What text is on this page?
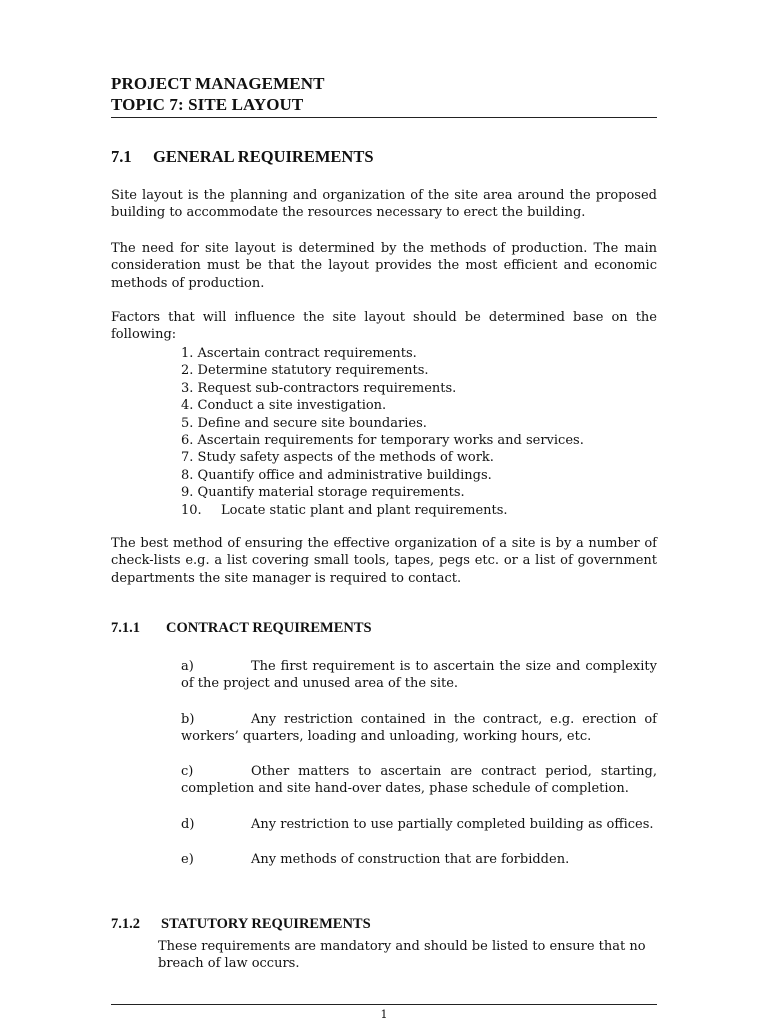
PROJECT MANAGEMENT
TOPIC 7: SITE LAYOUT
7.1 GENERAL REQUIREMENTS

Site layout is the planning and organization of the site area around the proposed building to accommodate the resources necessary to erect the building.

The need for site layout is determined by the methods of production. The main consideration must be that the layout provides the most efficient and economic methods of production.

Factors that will influence the site layout should be determined base on the following:

1. Ascertain contract requirements.
2. Determine statutory requirements.
3. Request sub-contractors requirements.
4. Conduct a site investigation.
5. Define and secure site boundaries.
6. Ascertain requirements for temporary works and services.
7. Study safety aspects of the methods of work.
8. Quantify office and administrative buildings.
9. Quantify material storage requirements.
10. Locate static plant and plant requirements.

The best method of ensuring the effective organization of a site is by a number of check-lists e.g. a list covering small tools, tapes, pegs etc. or a list of government departments the site manager is required to contact.

7.1.1 CONTRACT REQUIREMENTS

a)	The first requirement is to ascertain the size and complexity of the project and unused area of the site.

b)	Any restriction contained in the contract, e.g. erection of workers’ quarters, loading and unloading, working hours, etc.

c)	Other matters to ascertain are contract period, starting, completion and site hand-over dates, phase schedule of completion.

d)	Any restriction to use partially completed building as offices.

e)	Any methods of construction that are forbidden.

7.1.2 STATUTORY REQUIREMENTS

These requirements are mandatory and should be listed to ensure that no breach of law occurs.

1
